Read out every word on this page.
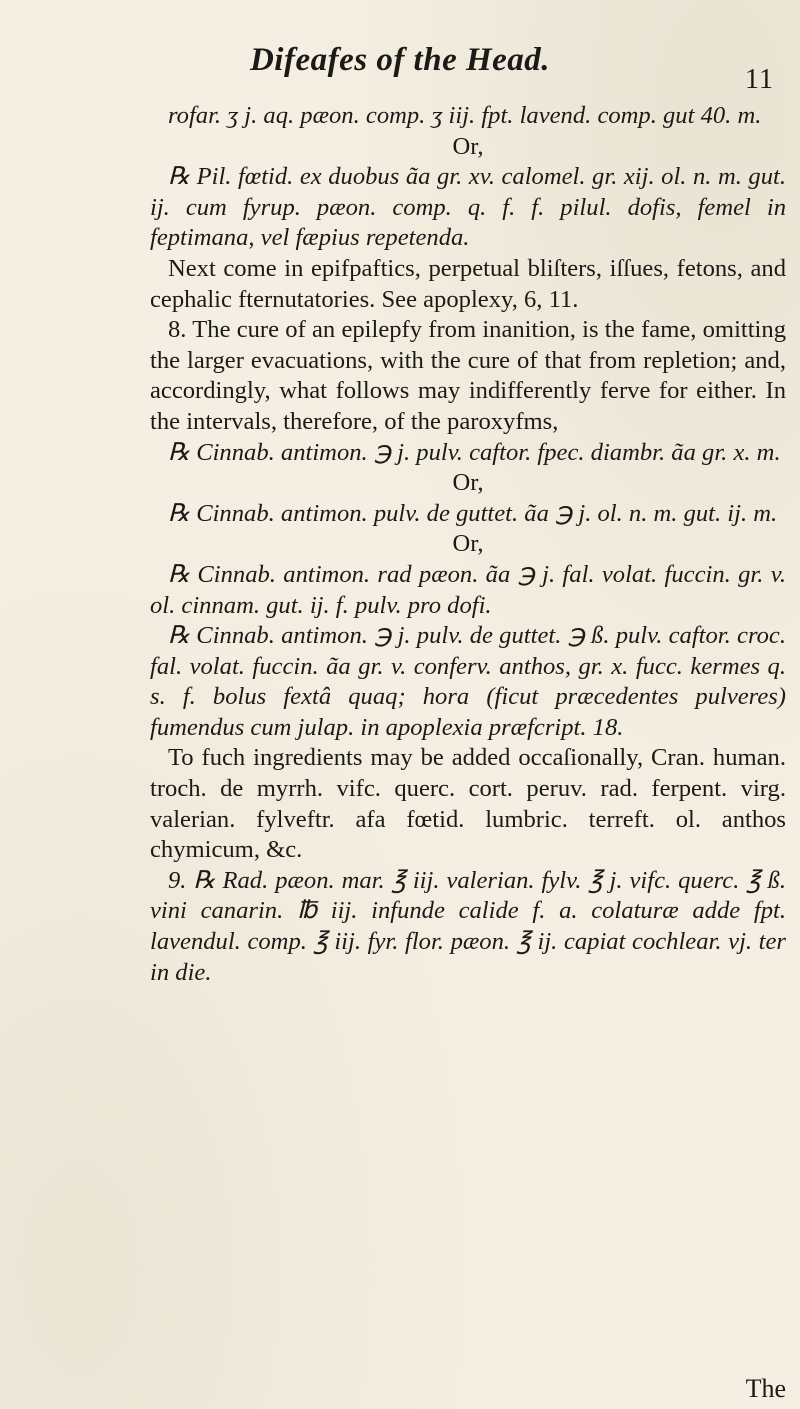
Difeafes of the Head.
11

rofar. ʒ j. aq. pæon. comp. ʒ iij. fpt. lavend. comp. gut 40. m.

Or,

℞ Pil. fœtid. ex duobus ãa gr. xv. calomel. gr. xij. ol. n. m. gut. ij. cum fyrup. pæon. comp. q. f. f. pilul. dofis, femel in feptimana, vel fæpius repetenda.

Next come in epifpaftics, perpetual bliſters, iſſues, fetons, and cephalic fternutatories. See apoplexy, 6, 11.

8. The cure of an epilepfy from inanition, is the fame, omitting the larger evacuations, with the cure of that from repletion; and, accordingly, what follows may indifferently ferve for either. In the intervals, therefore, of the paroxyfms,

℞ Cinnab. antimon. ℈ j. pulv. caftor. fpec. diambr. ãa gr. x. m.

Or,

℞ Cinnab. antimon. pulv. de guttet. ãa ℈ j. ol. n. m. gut. ij. m.

Or,

℞ Cinnab. antimon. rad pæon. ãa ℈ j. fal. volat. fuccin. gr. v. ol. cinnam. gut. ij. f. pulv. pro dofi.

℞ Cinnab. antimon. ℈ j. pulv. de guttet. ℈ ß. pulv. caftor. croc. fal. volat. fuccin. ãa gr. v. conferv. anthos, gr. x. fucc. kermes q. s. f. bolus fextâ quaq; hora (ficut præcedentes pulveres) fumendus cum julap. in apoplexia præfcript. 18.

To fuch ingredients may be added occaſionally, Cran. human. troch. de myrrh. vifc. querc. cort. peruv. rad. ferpent. virg. valerian. fylveftr. afa fœtid. lumbric. terreft. ol. anthos chymicum, &c.

9. ℞ Rad. pæon. mar. ℥ iij. valerian. fylv. ℥ j. vifc. querc. ℥ ß. vini canarin. ℔ iij. infunde calide f. a. colaturæ adde fpt. lavendul. comp. ℥ iij. fyr. flor. pæon. ℥ ij. capiat cochlear. vj. ter in die.

The
